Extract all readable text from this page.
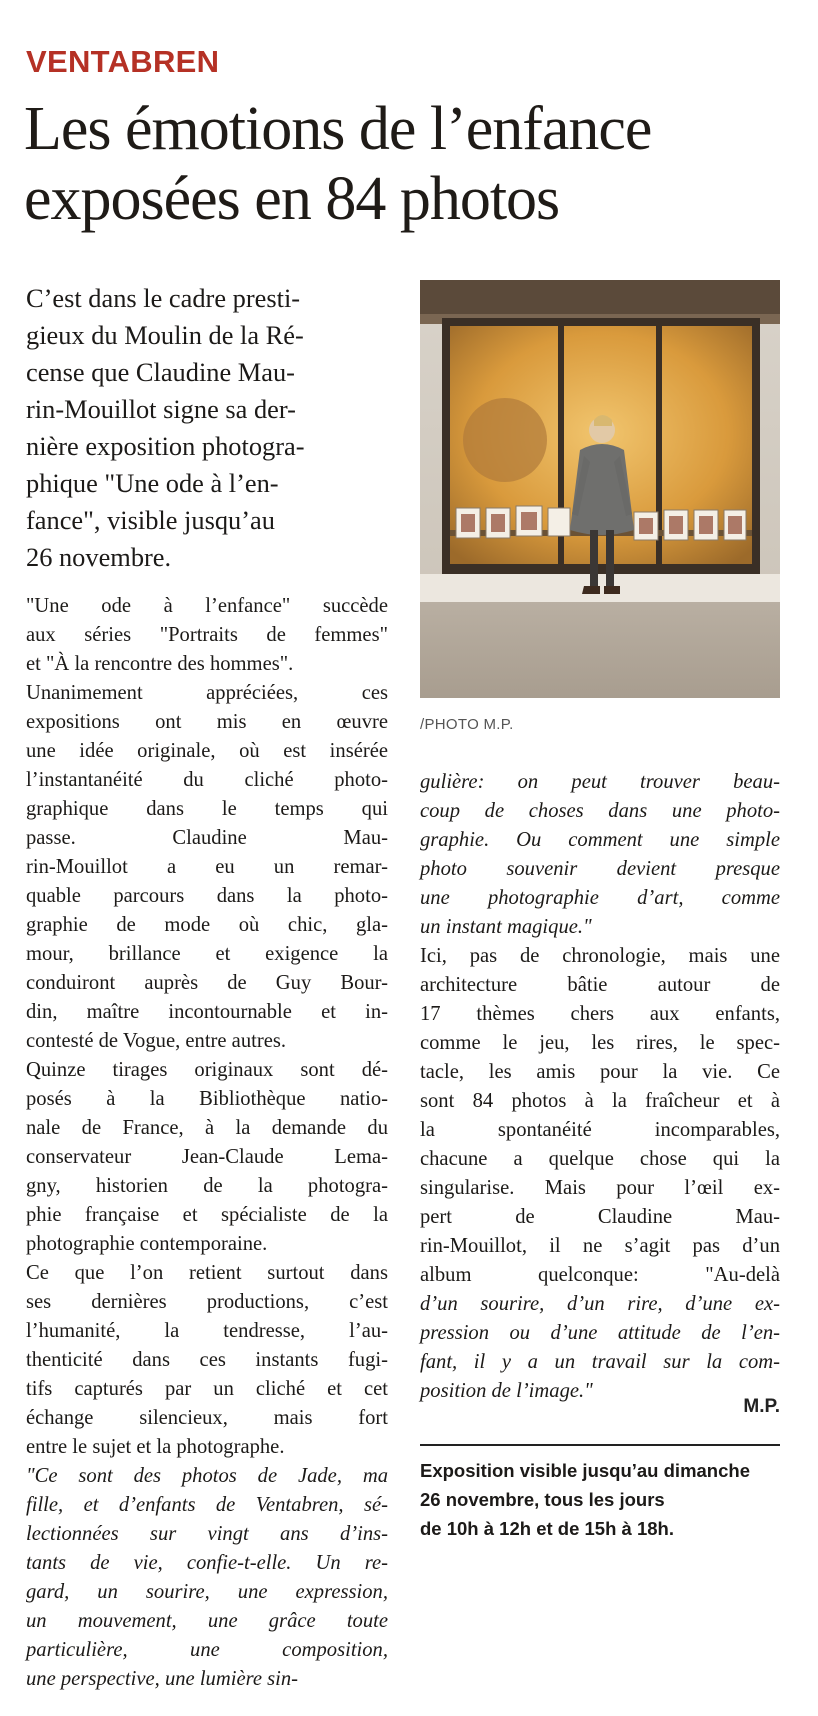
VENTABREN
Les émotions de l’enfance exposées en 84 photos
C’est dans le cadre presti-
gieux du Moulin de la Ré-
cense que Claudine Mau-
rin-Mouillot signe sa der-
nière exposition photogra-
phique "Une ode à l’en-
fance", visible jusqu’au
26 novembre.
"Une ode à l’enfance" succède
aux séries "Portraits de femmes"
et "À la rencontre des hommes".
Unanimement appréciées, ces
expositions ont mis en œuvre
une idée originale, où est insérée
l’instantanéité du cliché photo-
graphique dans le temps qui
passe. Claudine Mau-
rin-Mouillot a eu un remar-
quable parcours dans la photo-
graphie de mode où chic, gla-
mour, brillance et exigence la
conduiront auprès de Guy Bour-
din, maître incontournable et in-
contesté de Vogue, entre autres.
Quinze tirages originaux sont dé-
posés à la Bibliothèque natio-
nale de France, à la demande du
conservateur Jean-Claude Lema-
gny, historien de la photogra-
phie française et spécialiste de la
photographie contemporaine.
Ce que l’on retient surtout dans
ses dernières productions, c’est
l’humanité, la tendresse, l’au-
thenticité dans ces instants fugi-
tifs capturés par un cliché et cet
échange silencieux, mais fort
entre le sujet et la photographe.
"Ce sont des photos de Jade, ma
fille, et d’enfants de Ventabren, sé-
lectionnées sur vingt ans d’ins-
tants de vie, confie-t-elle. Un re-
gard, un sourire, une expression,
un mouvement, une grâce toute
particulière, une composition,
une perspective, une lumière sin-
/PHOTO M.P.
gulière: on peut trouver beau-
coup de choses dans une photo-
graphie. Ou comment une simple
photo souvenir devient presque
une photographie d’art, comme
un instant magique."
Ici, pas de chronologie, mais une
architecture bâtie autour de
17 thèmes chers aux enfants,
comme le jeu, les rires, le spec-
tacle, les amis pour la vie. Ce
sont 84 photos à la fraîcheur et à
la spontanéité incomparables,
chacune a quelque chose qui la
singularise. Mais pour l’œil ex-
pert de Claudine Mau-
rin-Mouillot, il ne s’agit pas d’un
album quelconque: "Au-delà
d’un sourire, d’un rire, d’une ex-
pression ou d’une attitude de l’en-
fant, il y a un travail sur la com-
position de l’image."
M.P.
Exposition visible jusqu’au dimanche
26 novembre, tous les jours
de 10h à 12h et de 15h à 18h.
